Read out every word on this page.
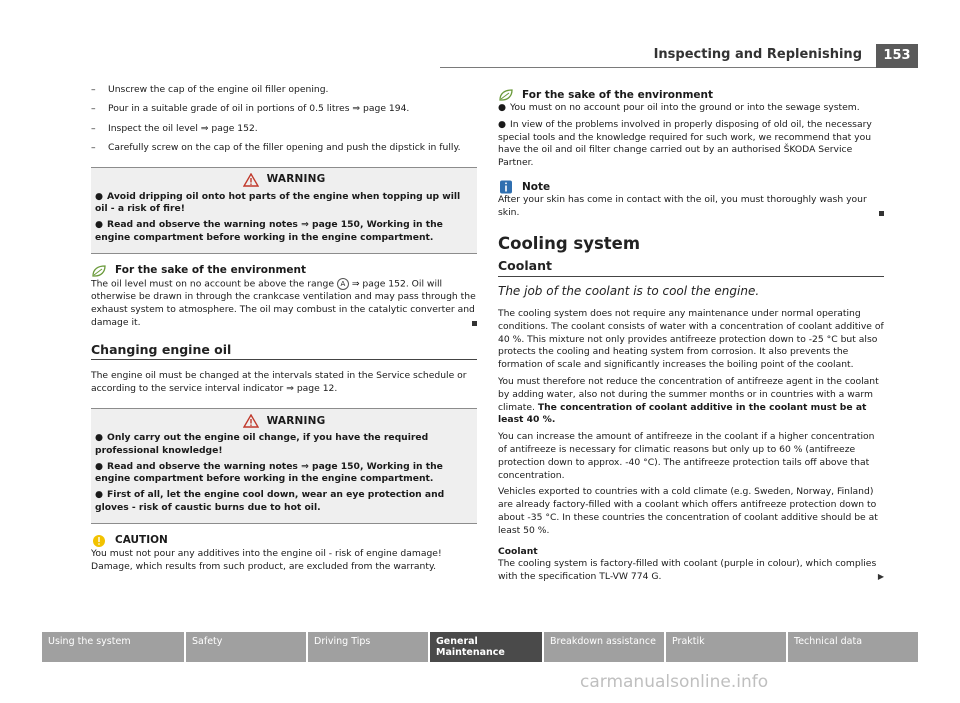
Inspecting and Replenishing	153
– Unscrew the cap of the engine oil filler opening.
– Pour in a suitable grade of oil in portions of 0.5 litres ⇒ page 194.
– Inspect the oil level ⇒ page 152.
– Carefully screw on the cap of the filler opening and push the dipstick in fully.
WARNING

● Avoid dripping oil onto hot parts of the engine when topping up will oil - a risk of fire!

● Read and observe the warning notes ⇒ page 150, Working in the engine compartment before working in the engine compartment.

For the sake of the environment

The oil level must on no account be above the range A ⇒ page 152. Oil will otherwise be drawn in through the crankcase ventilation and may pass through the exhaust system to atmosphere. The oil may combust in the catalytic converter and damage it.

Changing engine oil

The engine oil must be changed at the intervals stated in the Service schedule or according to the service interval indicator ⇒ page 12.

WARNING

● Only carry out the engine oil change, if you have the required professional knowledge!

● Read and observe the warning notes ⇒ page 150, Working in the engine compartment before working in the engine compartment.

● First of all, let the engine cool down, wear an eye protection and gloves - risk of caustic burns due to hot oil.

CAUTION

You must not pour any additives into the engine oil - risk of engine damage! Damage, which results from such product, are excluded from the warranty.

For the sake of the environment

● You must on no account pour oil into the ground or into the sewage system.

● In view of the problems involved in properly disposing of old oil, the necessary special tools and the knowledge required for such work, we recommend that you have the oil and oil filter change carried out by an authorised ŠKODA Service Partner.

Note

After your skin has come in contact with the oil, you must thoroughly wash your skin.

Cooling system
Coolant
The job of the coolant is to cool the engine.

The cooling system does not require any maintenance under normal operating conditions. The coolant consists of water with a concentration of coolant additive of 40 %. This mixture not only provides antifreeze protection down to -25 °C but also protects the cooling and heating system from corrosion. It also prevents the formation of scale and significantly increases the boiling point of the coolant.

You must therefore not reduce the concentration of antifreeze agent in the coolant by adding water, also not during the summer months or in countries with a warm climate. The concentration of coolant additive in the coolant must be at least 40 %.

You can increase the amount of antifreeze in the coolant if a higher concentration of antifreeze is necessary for climatic reasons but only up to 60 % (antifreeze protection down to approx. -40 °C). The antifreeze protection tails off above that concentration.

Vehicles exported to countries with a cold climate (e.g. Sweden, Norway, Finland) are already factory-filled with a coolant which offers antifreeze protection down to about -35 °C. In these countries the concentration of coolant additive should be at least 50 %.

Coolant

The cooling system is factory-filled with coolant (purple in colour), which complies with the specification TL-VW 774 G.	▶

Using the system	Safety	Driving Tips	General Maintenance
Breakdown assistance	Praktik	Technical data
carmanualsonline.info
